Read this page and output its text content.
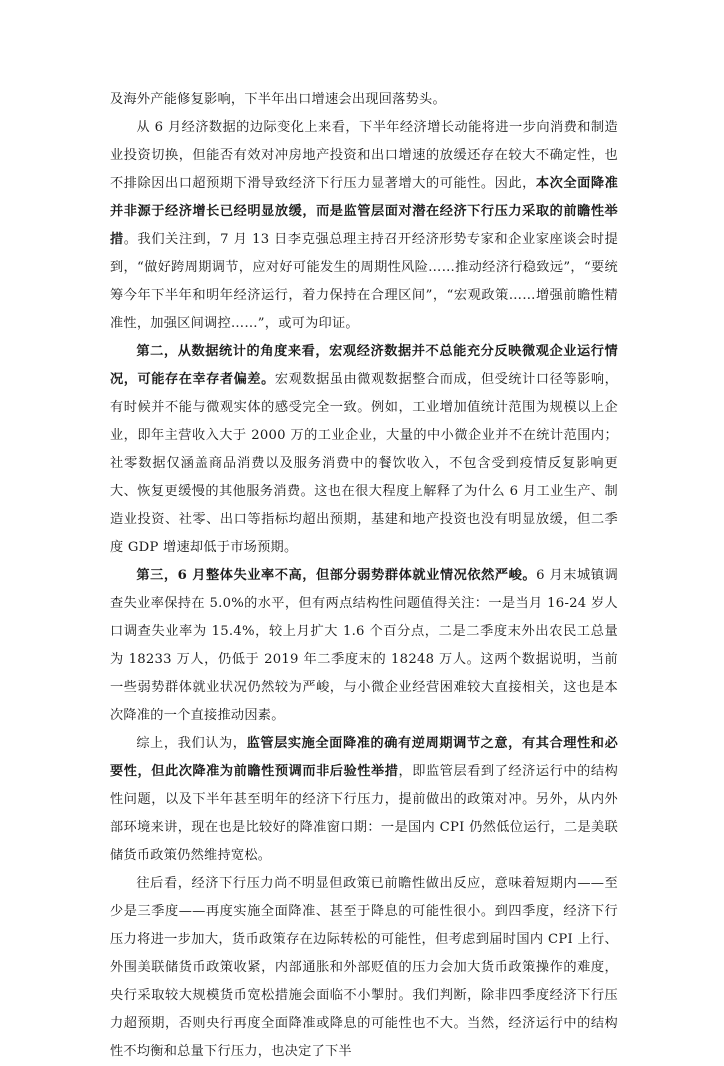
及海外产能修复影响，下半年出口增速会出现回落势头。

从 6 月经济数据的边际变化上来看，下半年经济增长动能将进一步向消费和制造业投资切换，但能否有效对冲房地产投资和出口增速的放缓还存在较大不确定性，也不排除因出口超预期下滑导致经济下行压力显著增大的可能性。因此，本次全面降准并非源于经济增长已经明显放缓，而是监管层面对潜在经济下行压力采取的前瞻性举措。我们关注到，7 月 13 日李克强总理主持召开经济形势专家和企业家座谈会时提到，“做好跨周期调节，应对好可能发生的周期性风险……推动经济行稳致远”，“要统筹今年下半年和明年经济运行，着力保持在合理区间”，“宏观政策……增强前瞻性精准性，加强区间调控……”，或可为印证。

第二，从数据统计的角度来看，宏观经济数据并不总能充分反映微观企业运行情况，可能存在幸存者偏差。宏观数据虽由微观数据整合而成，但受统计口径等影响，有时候并不能与微观实体的感受完全一致。例如，工业增加值统计范围为规模以上企业，即年主营收入大于 2000 万的工业企业，大量的中小微企业并不在统计范围内；社零数据仅涵盖商品消费以及服务消费中的餐饮收入，不包含受到疫情反复影响更大、恢复更缓慢的其他服务消费。这也在很大程度上解释了为什么 6 月工业生产、制造业投资、社零、出口等指标均超出预期，基建和地产投资也没有明显放缓，但二季度 GDP 增速却低于市场预期。

第三，6 月整体失业率不高，但部分弱势群体就业情况依然严峻。6 月末城镇调查失业率保持在 5.0%的水平，但有两点结构性问题值得关注：一是当月 16-24 岁人口调查失业率为 15.4%，较上月扩大 1.6 个百分点，二是二季度末外出农民工总量为 18233 万人，仍低于 2019 年二季度末的 18248 万人。这两个数据说明，当前一些弱势群体就业状况仍然较为严峻，与小微企业经营困难较大直接相关，这也是本次降准的一个直接推动因素。

综上，我们认为，监管层实施全面降准的确有逆周期调节之意，有其合理性和必要性，但此次降准为前瞻性预调而非后验性举措，即监管层看到了经济运行中的结构性问题，以及下半年甚至明年的经济下行压力，提前做出的政策对冲。另外，从内外部环境来讲，现在也是比较好的降准窗口期：一是国内 CPI 仍然低位运行，二是美联储货币政策仍然维持宽松。

往后看，经济下行压力尚不明显但政策已前瞻性做出反应，意味着短期内——至少是三季度——再度实施全面降准、甚至于降息的可能性很小。到四季度，经济下行压力将进一步加大，货币政策存在边际转松的可能性，但考虑到届时国内 CPI 上行、外围美联储货币政策收紧，内部通胀和外部贬值的压力会加大货币政策操作的难度，央行采取较大规模货币宽松措施会面临不小掣肘。我们判断，除非四季度经济下行压力超预期，否则央行再度全面降准或降息的可能性也不大。当然，经济运行中的结构性不均衡和总量下行压力，也决定了下半
